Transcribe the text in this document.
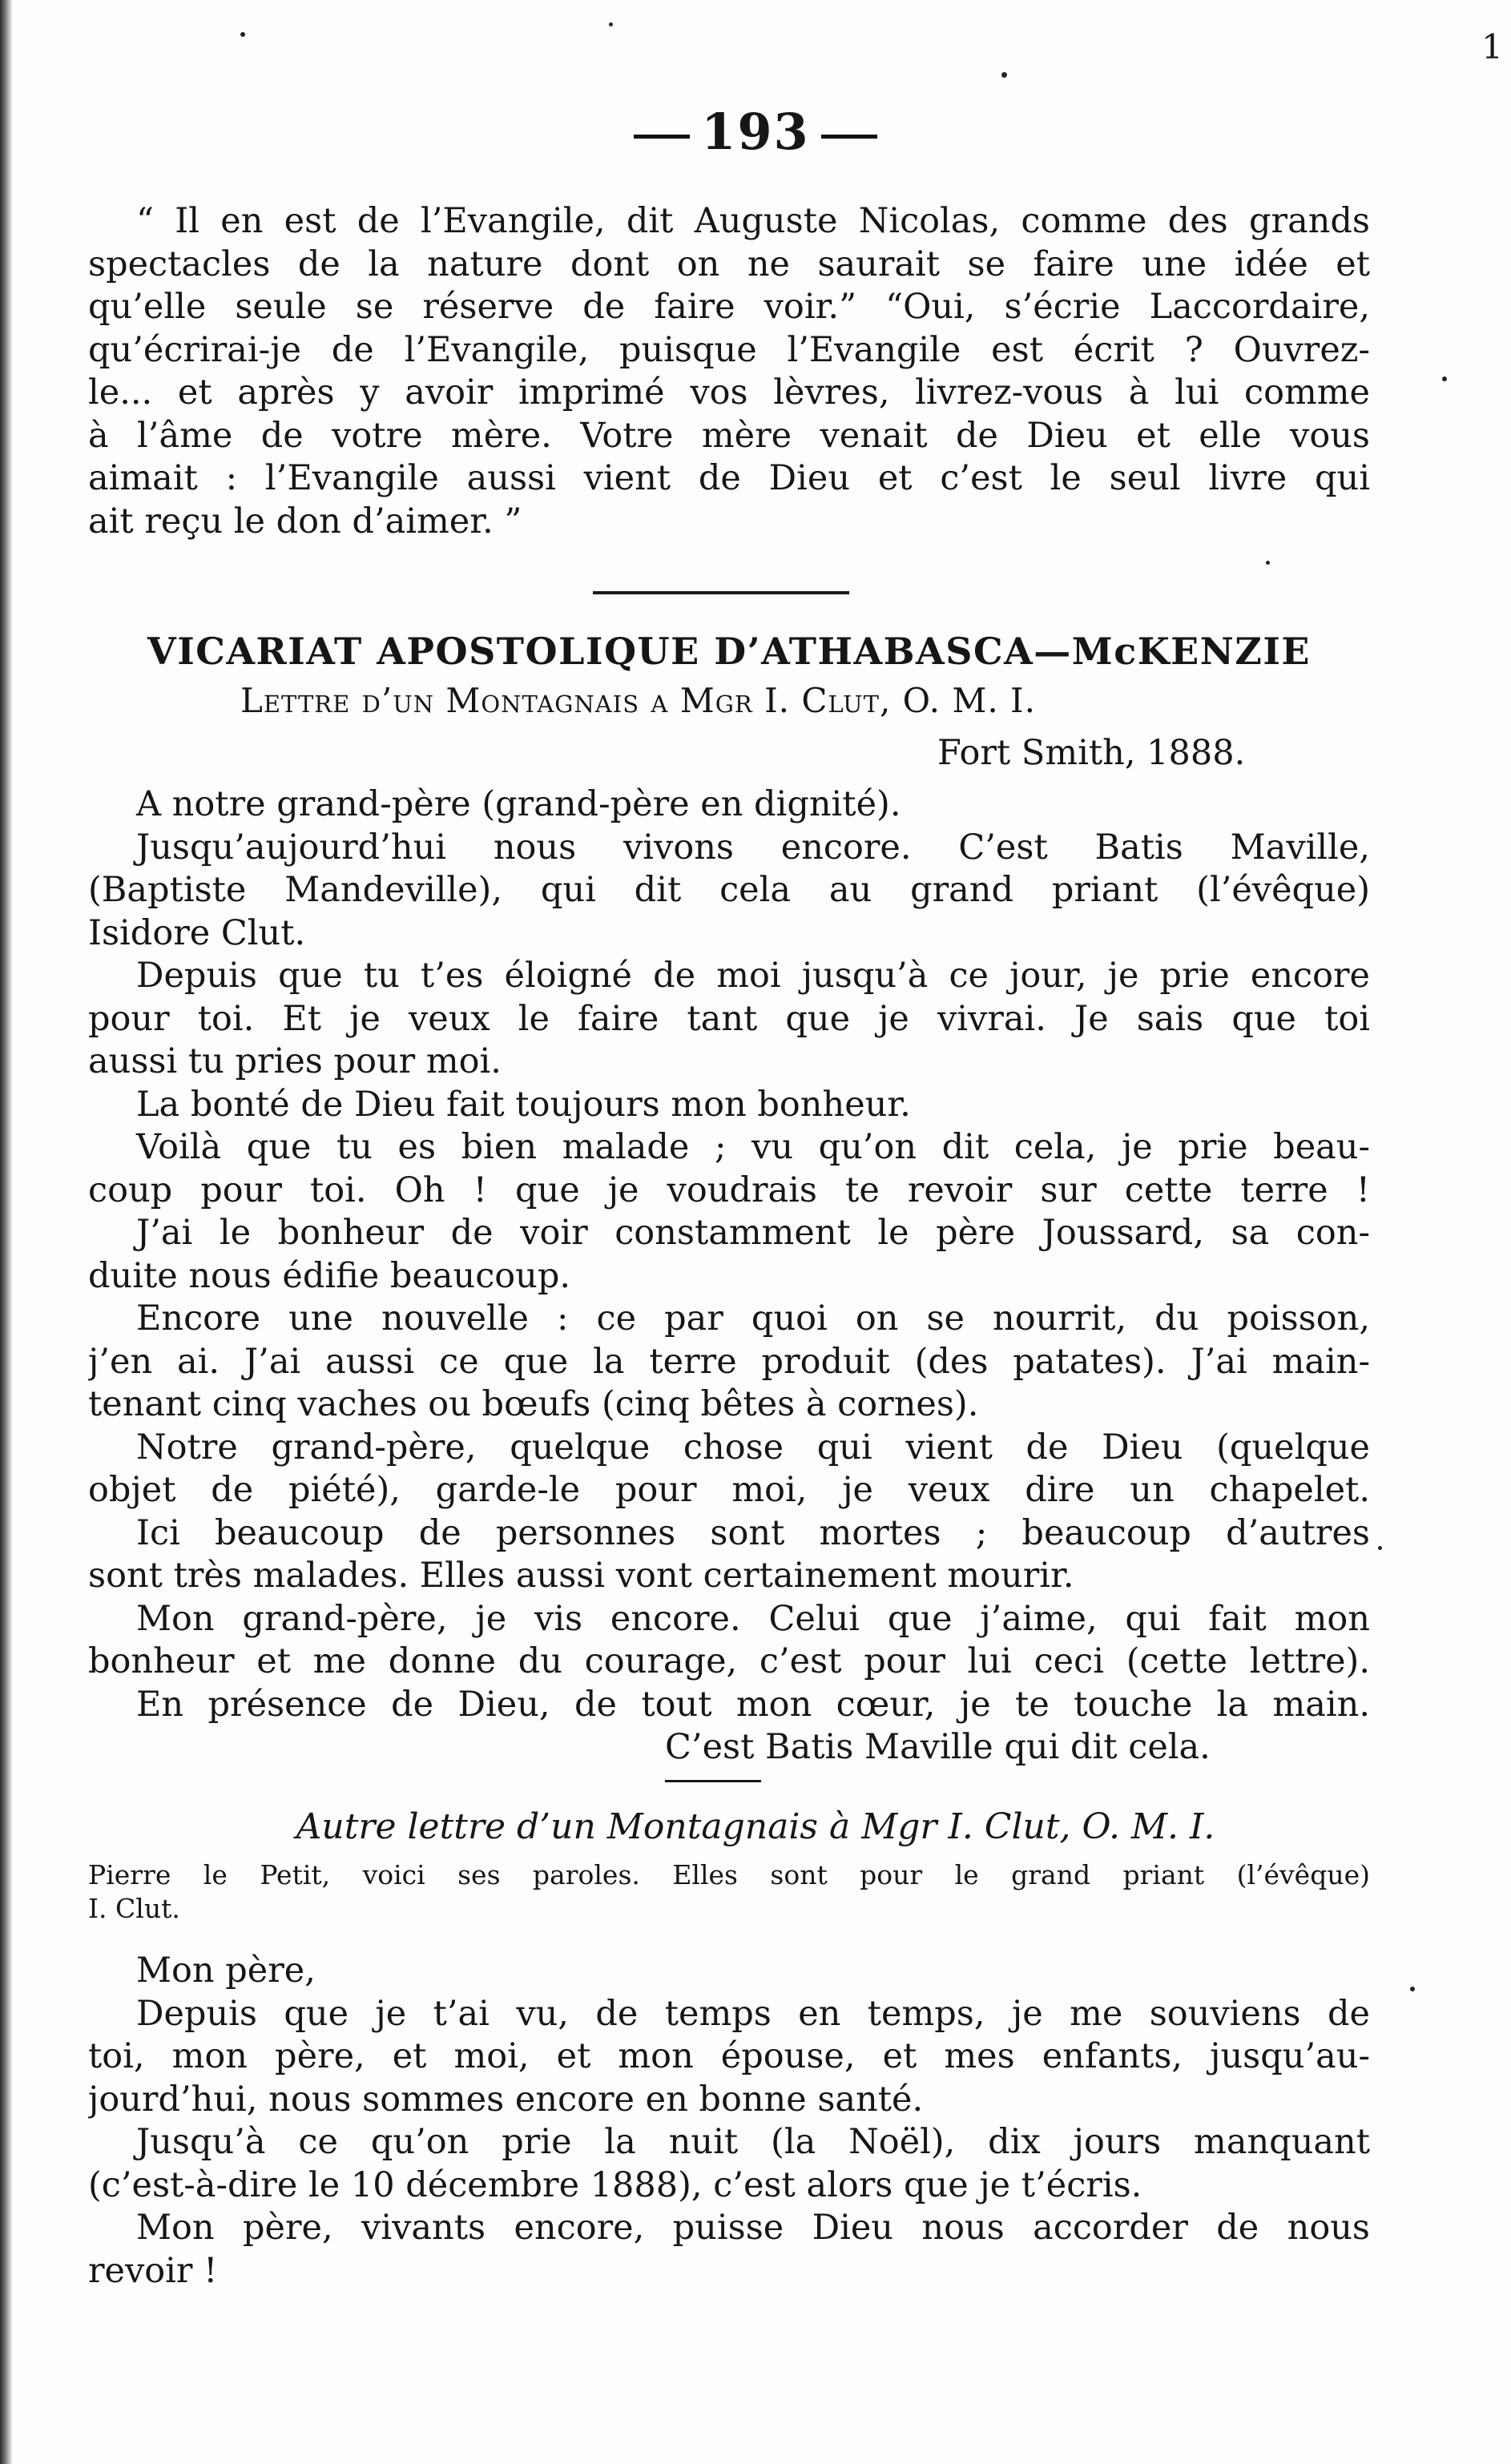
1
193
“ Il en est de l’Evangile, dit Auguste Nicolas, comme des grands
spectacles de la nature dont on ne saurait se faire une idée et
qu’elle seule se réserve de faire voir.” “Oui, s’écrie Laccordaire,
qu’écrirai-je de l’Evangile, puisque l’Evangile est écrit ? Ouvrez-
le... et après y avoir imprimé vos lèvres, livrez-vous à lui comme
à l’âme de votre mère. Votre mère venait de Dieu et elle vous
aimait : l’Evangile aussi vient de Dieu et c’est le seul livre qui
ait reçu le don d’aimer. ”
VICARIAT APOSTOLIQUE D’ATHABASCA—McKENZIE
Lettre d’un Montagnais a Mgr I. Clut, O. M. I.
Fort Smith, 1888.
A notre grand-père (grand-père en dignité).
Jusqu’aujourd’hui nous vivons encore. C’est Batis Maville,
(Baptiste Mandeville), qui dit cela au grand priant (l’évêque)
Isidore Clut.
Depuis que tu t’es éloigné de moi jusqu’à ce jour, je prie encore
pour toi. Et je veux le faire tant que je vivrai. Je sais que toi
aussi tu pries pour moi.
La bonté de Dieu fait toujours mon bonheur.
Voilà que tu es bien malade ; vu qu’on dit cela, je prie beau-
coup pour toi. Oh ! que je voudrais te revoir sur cette terre !
J’ai le bonheur de voir constamment le père Joussard, sa con-
duite nous édifie beaucoup.
Encore une nouvelle : ce par quoi on se nourrit, du poisson,
j’en ai. J’ai aussi ce que la terre produit (des patates). J’ai main-
tenant cinq vaches ou bœufs (cinq bêtes à cornes).
Notre grand-père, quelque chose qui vient de Dieu (quelque
objet de piété), garde-le pour moi, je veux dire un chapelet.
Ici beaucoup de personnes sont mortes ; beaucoup d’autres
sont très malades. Elles aussi vont certainement mourir.
Mon grand-père, je vis encore. Celui que j’aime, qui fait mon
bonheur et me donne du courage, c’est pour lui ceci (cette lettre).
En présence de Dieu, de tout mon cœur, je te touche la main.
C’est Batis Maville qui dit cela.
Autre lettre d’un Montagnais à Mgr I. Clut, O. M. I.
Pierre le Petit, voici ses paroles. Elles sont pour le grand priant (l’évêque)
I. Clut.
Mon père,
Depuis que je t’ai vu, de temps en temps, je me souviens de
toi, mon père, et moi, et mon épouse, et mes enfants, jusqu’au-
jourd’hui, nous sommes encore en bonne santé.
Jusqu’à ce qu’on prie la nuit (la Noël), dix jours manquant
(c’est-à-dire le 10 décembre 1888), c’est alors que je t’écris.
Mon père, vivants encore, puisse Dieu nous accorder de nous
revoir !
